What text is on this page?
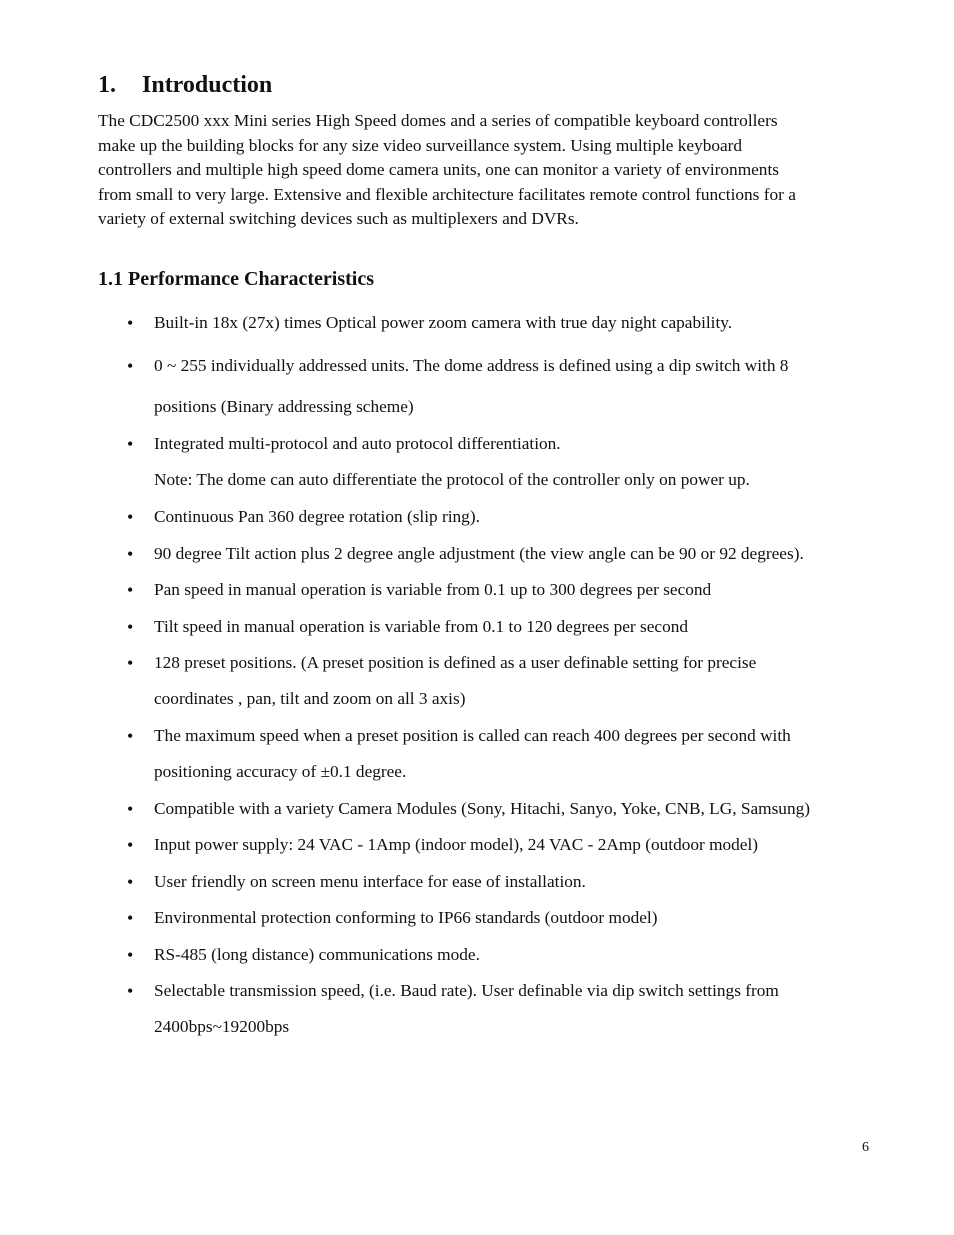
1. Introduction

The CDC2500 xxx Mini series High Speed domes and a series of compatible keyboard controllers
make up the building blocks for any size video surveillance system. Using multiple keyboard
controllers and multiple high speed dome camera units, one can monitor a variety of environments
from small to very large. Extensive and flexible architecture facilitates remote control functions for a
variety of external switching devices such as multiplexers and DVRs.

1.1 Performance Characteristics
• Built-in 18x (27x) times Optical power zoom camera with true day night capability.
• 0 ~ 255 individually addressed units. The dome address is defined using a dip switch with 8
positions (Binary addressing scheme)
• Integrated multi-protocol and auto protocol differentiation.
Note: The dome can auto differentiate the protocol of the controller only on power up.
• Continuous Pan 360 degree rotation (slip ring).
• 90 degree Tilt action plus 2 degree angle adjustment (the view angle can be 90 or 92 degrees).
• Pan speed in manual operation is variable from 0.1 up to 300 degrees per second
• Tilt speed in manual operation is variable from 0.1 to 120 degrees per second
• 128 preset positions. (A preset position is defined as a user definable setting for precise
coordinates , pan, tilt and zoom on all 3 axis)
• The maximum speed when a preset position is called can reach 400 degrees per second with
positioning accuracy of ±0.1 degree.
• Compatible with a variety Camera Modules (Sony, Hitachi, Sanyo, Yoke, CNB, LG, Samsung)
• Input power supply: 24 VAC - 1Amp (indoor model), 24 VAC - 2Amp (outdoor model)
• User friendly on screen menu interface for ease of installation.
• Environmental protection conforming to IP66 standards (outdoor model)
• RS-485 (long distance) communications mode.
• Selectable transmission speed, (i.e. Baud rate). User definable via dip switch settings from
2400bps~19200bps
6
